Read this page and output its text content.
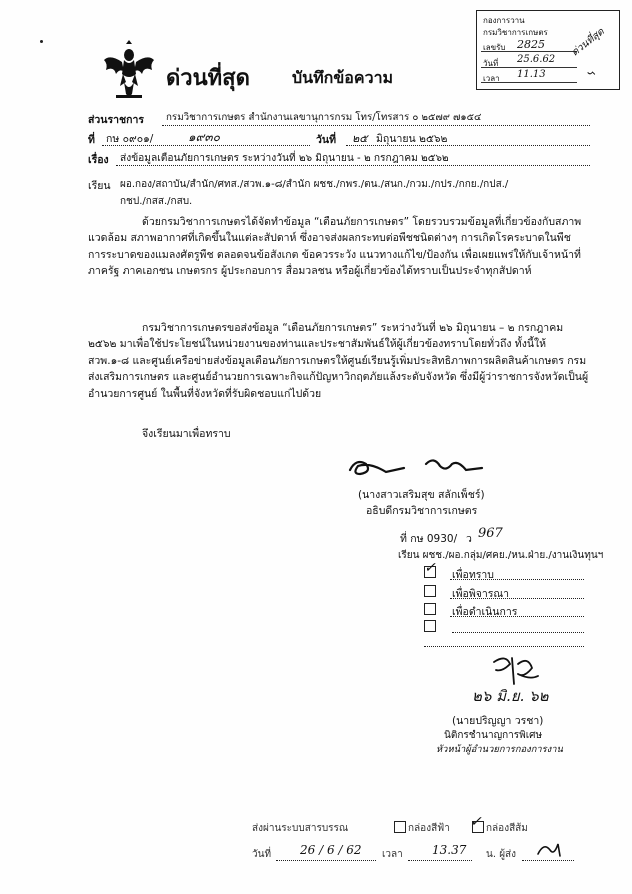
กองการวาน
กรมวิชาการเกษตร
เลขรับ 2825
วันที่ 25.6.62
เวลา 11.13
ด่วนที่สุด
ᓭ
ด่วนที่สุด	บันทึกข้อความ
ส่วนราชการ กรมวิชาการเกษตร สำนักงานเลขานุการกรม โทร/โทรสาร ๐ ๒๕๗๙ ๗๑๕๔
ที่ กษ ๐๙๐๑/	๑๙๓๐	วันที่ ๒๕ มิถุนายน ๒๕๖๒
เรื่อง ส่งข้อมูลเตือนภัยการเกษตร ระหว่างวันที่ ๒๖ มิถุนายน - ๒ กรกฎาคม ๒๕๖๒
เรียน ผอ.กอง/สถาบัน/สำนัก/ศทส./สวพ.๑-๘/สำนัก ผชช./กพร./ตน./สนก./กวม./กปร./กกย./กปส./
กชป./กสส./กสบ.
ด้วยกรมวิชาการเกษตรได้จัดทำข้อมูล “เตือนภัยการเกษตร” โดยรวบรวมข้อมูลที่เกี่ยวข้องกับสภาพแวดล้อม สภาพอากาศที่เกิดขึ้นในแต่ละสัปดาห์ ซึ่งอาจส่งผลกระทบต่อพืชชนิดต่างๆ การเกิดโรคระบาดในพืช การระบาดของแมลงศัตรูพืช ตลอดจนข้อสังเกต ข้อควรระวัง แนวทางแก้ไข/ป้องกัน เพื่อเผยแพร่ให้กับเจ้าหน้าที่ภาครัฐ ภาคเอกชน เกษตรกร ผู้ประกอบการ สื่อมวลชน หรือผู้เกี่ยวข้องได้ทราบเป็นประจำทุกสัปดาห์
กรมวิชาการเกษตรขอส่งข้อมูล “เตือนภัยการเกษตร” ระหว่างวันที่ ๒๖ มิถุนายน – ๒ กรกฎาคม ๒๕๖๒ มาเพื่อใช้ประโยชน์ในหน่วยงานของท่านและประชาสัมพันธ์ให้ผู้เกี่ยวข้องทราบโดยทั่วถึง ทั้งนี้ให้ สวพ.๑-๘ และศูนย์เครือข่ายส่งข้อมูลเตือนภัยการเกษตรให้ศูนย์เรียนรู้เพิ่มประสิทธิภาพการผลิตสินค้าเกษตร กรมส่งเสริมการเกษตร และศูนย์อำนวยการเฉพาะกิจแก้ปัญหาวิกฤตภัยแล้งระดับจังหวัด ซึ่งมีผู้ว่าราชการจังหวัดเป็นผู้อำนวยการศูนย์ ในพื้นที่จังหวัดที่รับผิดชอบแก่ไปด้วย
จึงเรียนมาเพื่อทราบ
(นางสาวเสริมสุข สลักเพ็ชร์)
อธิบดีกรมวิชาการเกษตร
ที่ กษ 0930/ ว 967
เรียน ผชช./ผอ.กลุ่ม/ศคย./หน.ฝ่าย./งานเงินทุนฯ
✓ เพื่อทราบ
เพื่อพิจารณา
เพื่อดำเนินการ
๒๖ มิ.ย. ๖๒
(นายปริญญา วรชา)
นิติกรชำนาญการพิเศษ
หัวหน้าผู้อำนวยการกองการงาน
ส่งผ่านระบบสารบรรณ	กล่องสีฟ้า ✓ กล่องสีส้ม
วันที่ 26 / 6 / 62 เวลา 13.37 น. ผู้ส่ง
